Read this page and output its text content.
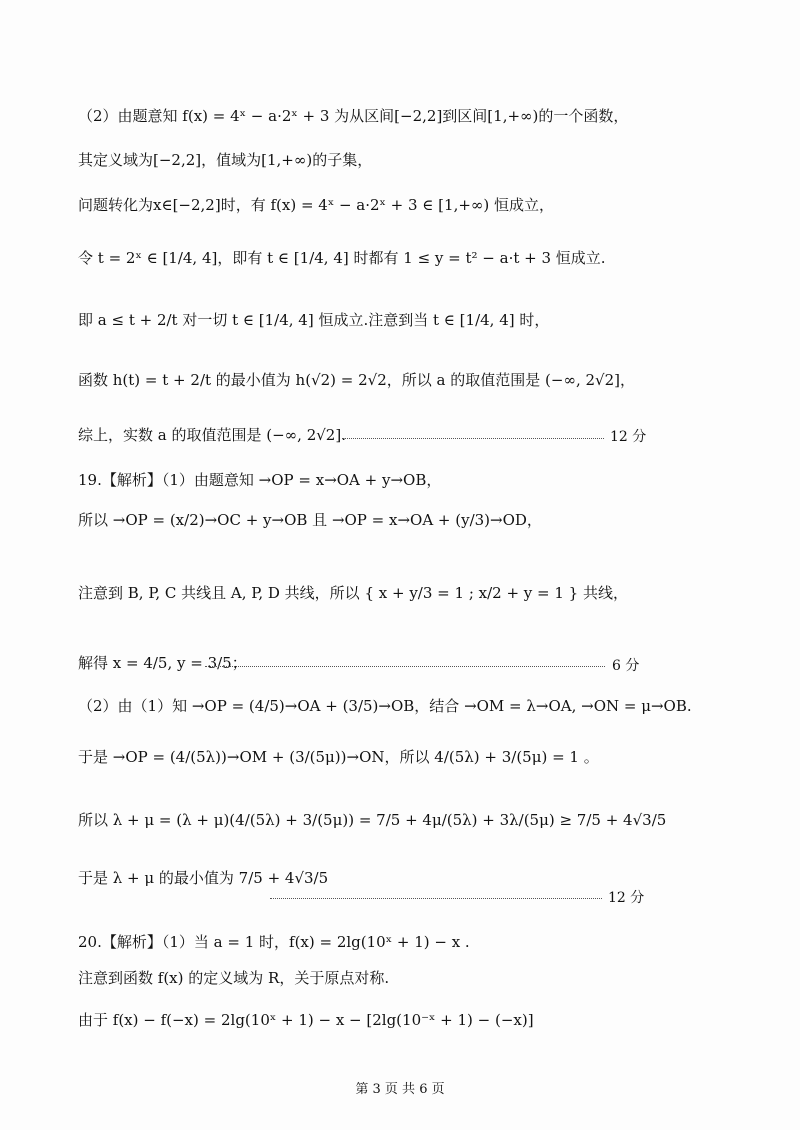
（2）由题意知 f(x) = 4ˣ − a·2ˣ + 3 为从区间[−2,2]到区间[1,+∞)的一个函数，
其定义域为[−2,2]，值域为[1,+∞)的子集，
问题转化为x∈[−2,2]时，有 f(x) = 4ˣ − a·2ˣ + 3 ∈ [1,+∞) 恒成立，
令 t = 2ˣ ∈ [1/4, 4]，即有 t ∈ [1/4, 4] 时都有 1 ≤ y = t² − a·t + 3 恒成立.
即 a ≤ t + 2/t 对一切 t ∈ [1/4, 4] 恒成立.注意到当 t ∈ [1/4, 4] 时，
函数 h(t) = t + 2/t 的最小值为 h(√2) = 2√2，所以 a 的取值范围是 (−∞, 2√2]，
综上，实数 a 的取值范围是 (−∞, 2√2].	12 分
19.【解析】（1）由题意知 →OP = x→OA + y→OB，
所以 →OP = (x/2)→OC + y→OB 且 →OP = x→OA + (y/3)→OD，
注意到 B, P, C 共线且 A, P, D 共线，所以 { x + y/3 = 1 ; x/2 + y = 1 } 共线，
解得 x = 4/5, y = 3/5；	6 分
（2）由（1）知 →OP = (4/5)→OA + (3/5)→OB，结合 →OM = λ→OA, →ON = μ→OB.
于是 →OP = (4/(5λ))→OM + (3/(5μ))→ON，所以 4/(5λ) + 3/(5μ) = 1 。
所以 λ + μ = (λ + μ)(4/(5λ) + 3/(5μ)) = 7/5 + 4μ/(5λ) + 3λ/(5μ) ≥ 7/5 + 4√3/5
于是 λ + μ 的最小值为 7/5 + 4√3/5
12 分
20.【解析】（1）当 a = 1 时，f(x) = 2lg(10ˣ + 1) − x .
注意到函数 f(x) 的定义域为 R，关于原点对称.
由于 f(x) − f(−x) = 2lg(10ˣ + 1) − x − [2lg(10⁻ˣ + 1) − (−x)]
第 3 页 共 6 页
